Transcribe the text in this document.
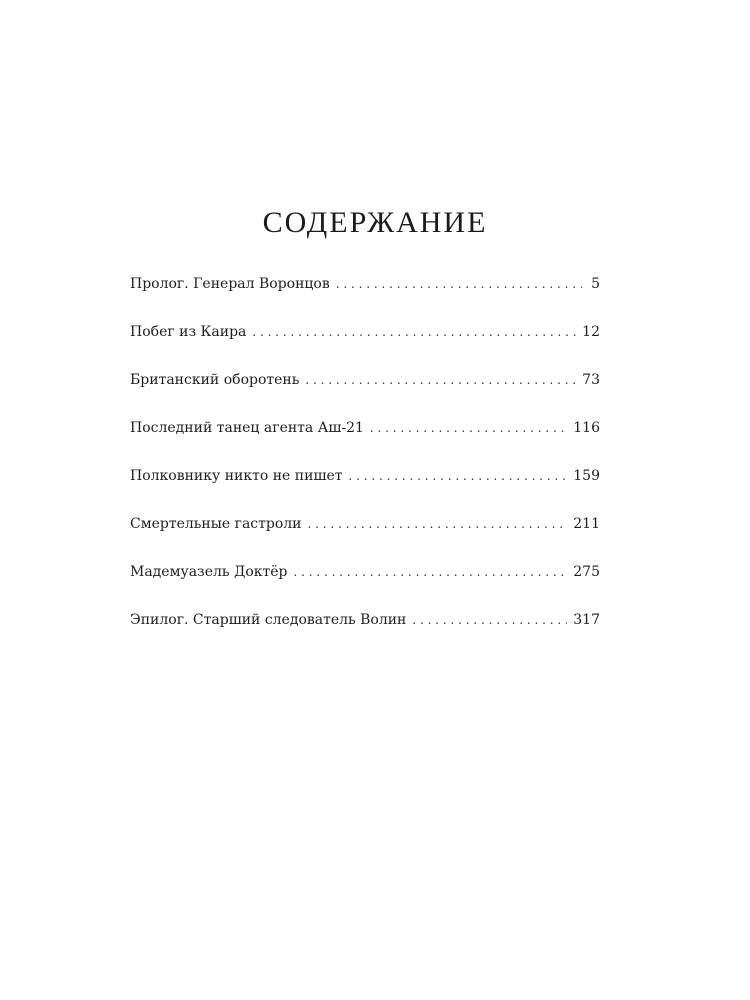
СОДЕРЖАНИЕ
Пролог. Генерал Воронцов . . .	5
Побег из Каира . . .	12
Британский оборотень . . .	73
Последний танец агента Аш-21 . . .	116
Полковнику никто не пишет . . .	159
Смертельные гастроли . . .	211
Мадемуазель Доктёр . . .	275
Эпилог. Старший следователь Волин . . .	317
